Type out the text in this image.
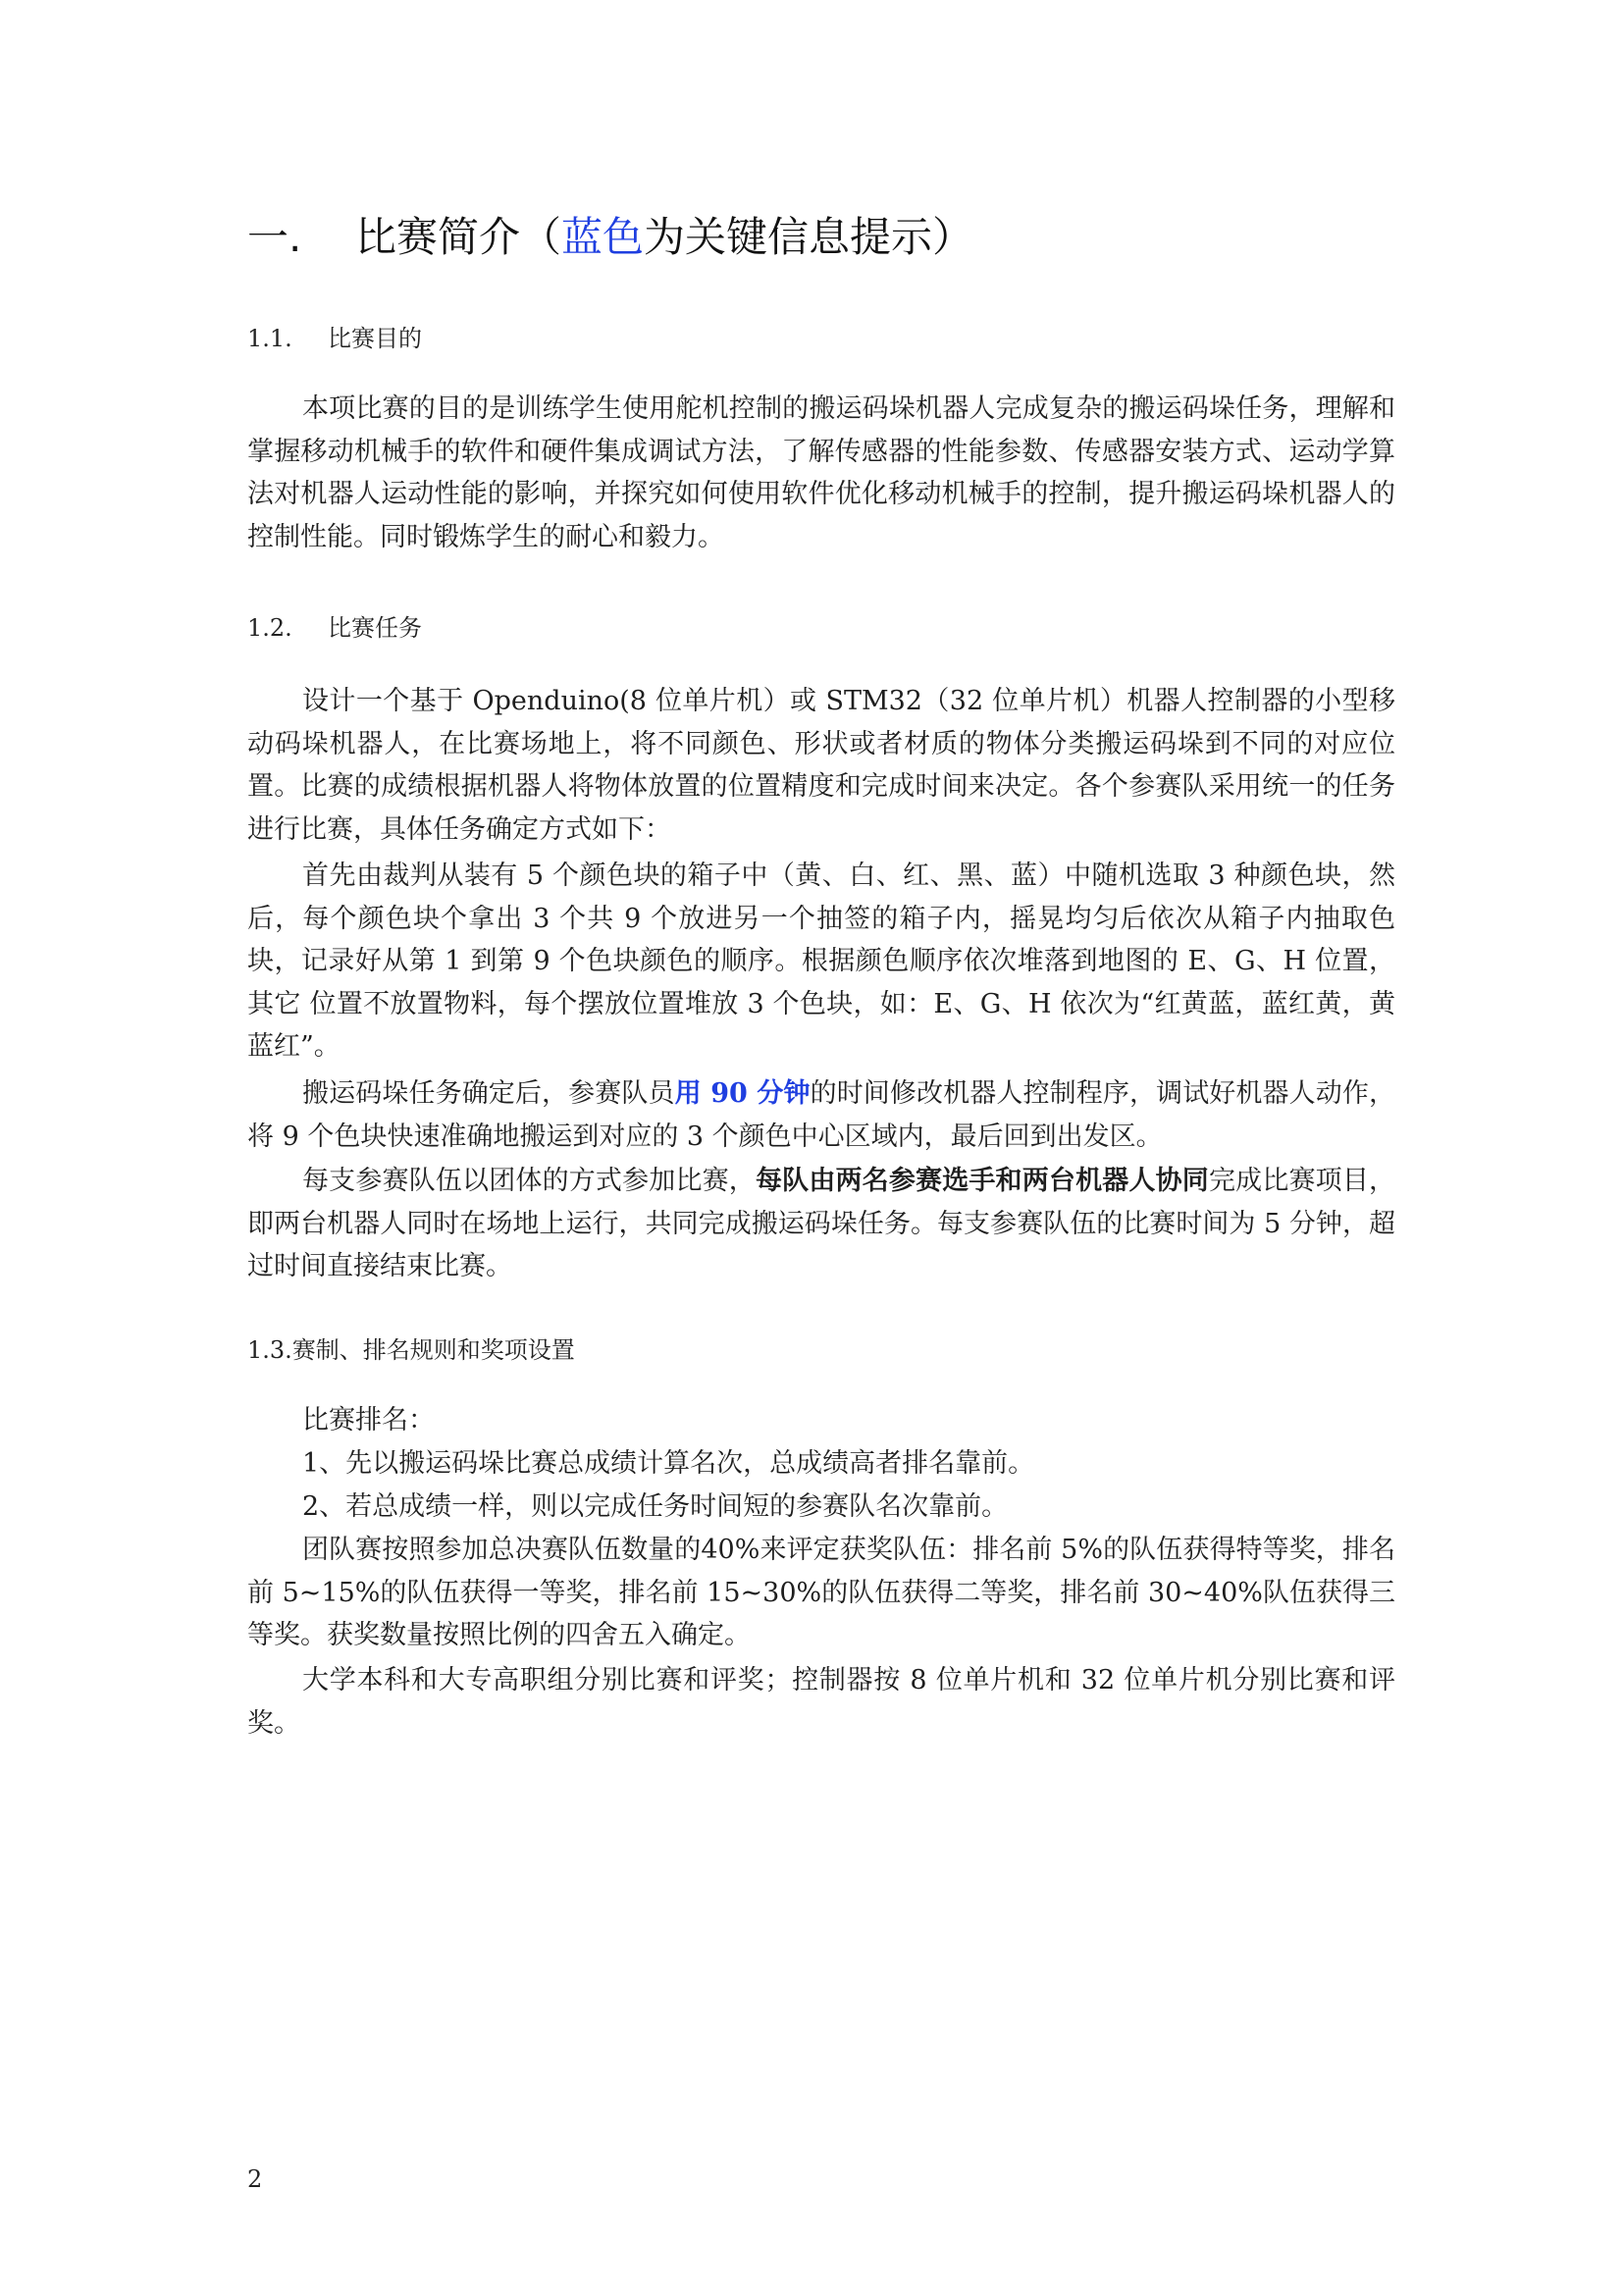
一. 比赛简介（蓝色为关键信息提示）
1.1. 比赛目的

本项比赛的目的是训练学生使用舵机控制的搬运码垛机器人完成复杂的搬运码垛任务，理解和掌握移动机械手的软件和硬件集成调试方法，了解传感器的性能参数、传感器安装方式、运动学算法对机器人运动性能的影响，并探究如何使用软件优化移动机械手的控制，提升搬运码垛机器人的控制性能。同时锻炼学生的耐心和毅力。

1.2. 比赛任务

设计一个基于 Openduino(8 位单片机）或 STM32（32 位单片机）机器人控制器的小型移动码垛机器人，在比赛场地上，将不同颜色、形状或者材质的物体分类搬运码垛到不同的对应位置。比赛的成绩根据机器人将物体放置的位置精度和完成时间来决定。各个参赛队采用统一的任务进行比赛，具体任务确定方式如下：

首先由裁判从装有 5 个颜色块的箱子中（黄、白、红、黑、蓝）中随机选取 3 种颜色块，然后，每个颜色块个拿出 3 个共 9 个放进另一个抽签的箱子内，摇晃均匀后依次从箱子内抽取色块，记录好从第 1 到第 9 个色块颜色的顺序。根据颜色顺序依次堆落到地图的 E、G、H 位置，其它 位置不放置物料，每个摆放位置堆放 3 个色块，如：E、G、H 依次为“红黄蓝，蓝红黄，黄蓝红”。

搬运码垛任务确定后，参赛队员用 90 分钟的时间修改机器人控制程序，调试好机器人动作，将 9 个色块快速准确地搬运到对应的 3 个颜色中心区域内，最后回到出发区。

每支参赛队伍以团体的方式参加比赛，每队由两名参赛选手和两台机器人协同完成比赛项目，即两台机器人同时在场地上运行，共同完成搬运码垛任务。每支参赛队伍的比赛时间为 5 分钟，超过时间直接结束比赛。

1.3.赛制、排名规则和奖项设置

比赛排名：

1、先以搬运码垛比赛总成绩计算名次，总成绩高者排名靠前。

2、若总成绩一样，则以完成任务时间短的参赛队名次靠前。

团队赛按照参加总决赛队伍数量的40%来评定获奖队伍：排名前 5%的队伍获得特等奖，排名前 5~15%的队伍获得一等奖，排名前 15~30%的队伍获得二等奖，排名前 30~40%队伍获得三等奖。获奖数量按照比例的四舍五入确定。

大学本科和大专高职组分别比赛和评奖；控制器按 8 位单片机和 32 位单片机分别比赛和评奖。

2
